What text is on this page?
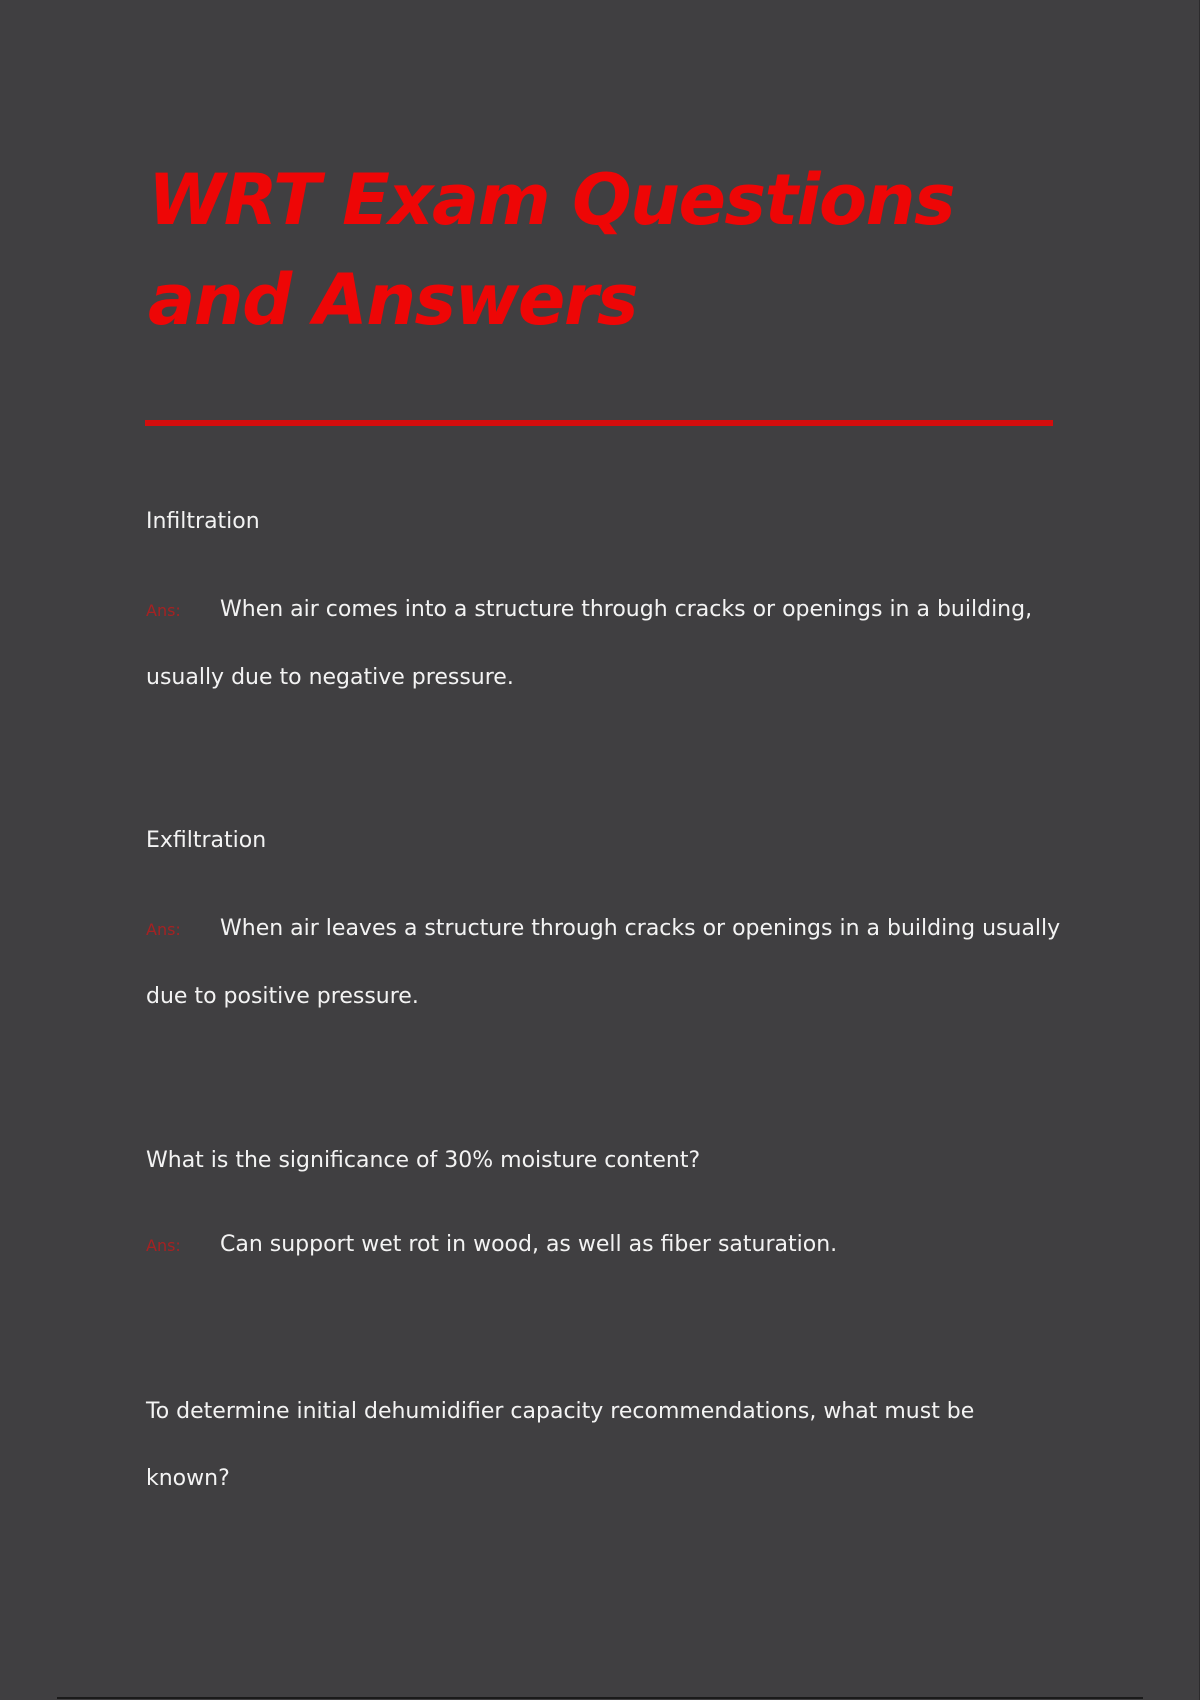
WRT Exam Questions and Answers
Infiltration
Ans: When air comes into a structure through cracks or openings in a building, usually due to negative pressure.
Exfiltration
Ans: When air leaves a structure through cracks or openings in a building usually due to positive pressure.
What is the significance of 30% moisture content?
Ans: Can support wet rot in wood, as well as fiber saturation.
To determine initial dehumidifier capacity recommendations, what must be known?
